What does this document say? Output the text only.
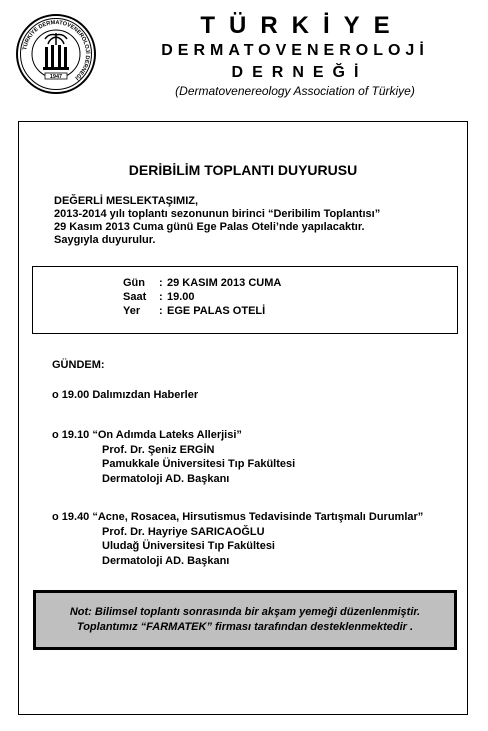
TÜRKİYE DERMATOVENEROLOJİ DERNEĞİ
1947
TÜRKİYE
DERMATOVENEROLOJİ
DERNEĞİ
(Dermatovenereology Association of Türkiye)
DERİBİLİM TOPLANTI DUYURUSU
DEĞERLİ MESLEKTAŞIMIZ,
2013-2014 yılı toplantı sezonunun birinci “Deribilim Toplantısı”
29 Kasım 2013 Cuma günü Ege Palas Oteli’nde yapılacaktır.
Saygıyla duyurulur.
Gün : 29 KASIM 2013 CUMA
Saat : 19.00
Yer : EGE PALAS OTELİ
GÜNDEM:
o 19.00 Dalımızdan Haberler
o 19.10 “On Adımda Lateks Allerjisi”
Prof. Dr. Şeniz ERGİN
Pamukkale Üniversitesi Tıp Fakültesi
Dermatoloji AD. Başkanı
o 19.40 “Acne, Rosacea, Hirsutismus Tedavisinde Tartışmalı Durumlar”
Prof. Dr. Hayriye SARICAOĞLU
Uludağ Üniversitesi Tıp Fakültesi
Dermatoloji AD. Başkanı
Not: Bilimsel toplantı sonrasında bir akşam yemeği düzenlenmiştir.
Toplantımız “FARMATEK” firması tarafından desteklenmektedir .
